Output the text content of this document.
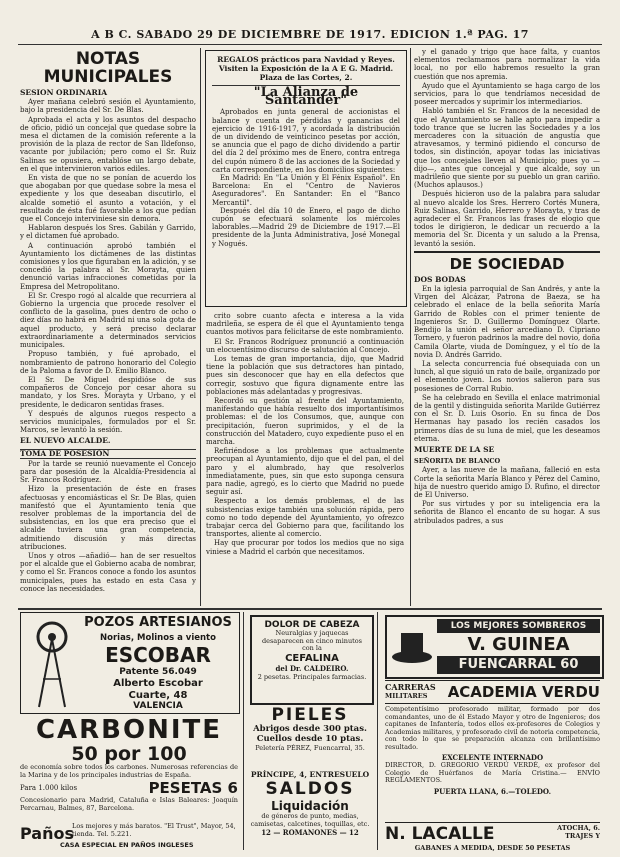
A B C. SABADO 29 DE DICIEMBRE DE 1917. EDICION 1.ª PAG. 17
NOTAS MUNICIPALES
SESION ORDINARIA

Ayer mañana celebró sesión el Ayuntamiento, bajo la presidencia del Sr. De Blas.

Aprobada el acta y los asuntos del despacho de oficio, pidió un concejal que quedase sobre la mesa el dictamen de la comisión referente a la provisión de la plaza de rector de San Ildefonso, vacante por jubilación; pero como el Sr. Ruiz Salinas se opusiera, entablóse un largo debate, en el que intervinieron varios ediles.

En vista de que no se ponían de acuerdo los que abogaban por que quedase sobre la mesa el expediente y los que deseaban discutirlo, el alcalde sometió el asunto a votación, y el resultado de ésta fué favorable a los que pedían que el Concejo interviniese sin demora.

Hablaron después los Sres. Gabilán y Garrido, y el dictamen fué aprobado.

A continuación aprobó también el Ayuntamiento los dictámenes de las distintas comisiones y los que figuraban en la adición, y se concedió la palabra al Sr. Morayta, quien denunció varias infracciones cometidas por la Empresa del Metropolitano.

El Sr. Crespo rogó al alcalde que recurriera al Gobierno la urgencia que procede resolver el conflicto de la gasolina, pues dentro de ocho o diez días no habrá en Madrid ni una sola gota de aquel producto, y será preciso declarar extraordinariamente a determinados servicios municipales.

Propuso también, y fué aprobado, el nombramiento de patrono honorario del Colegio de la Paloma a favor de D. Emilio Blanco.

El Sr. De Miguel despidióse de sus compañeros de Concejo por cesar ahora su mandato, y los Sres. Morayta y Urbano, y el presidente, le dedicaron sentidas frases.

Y después de algunos ruegos respecto a servicios municipales, formulados por el Sr. Marcos, se levantó la sesión.

EL NUEVO ALCALDE.
TOMA DE POSESIÓN

Por la tarde se reunió nuevamente el Concejo para dar posesión de la Alcaldía-Presidencia al Sr. Francos Rodríguez.

Hizo la presentación de éste en frases afectuosas y encomiásticas el Sr. De Blas, quien manifestó que el Ayuntamiento tenía que resolver problemas de la importancia del de subsistencias, en los que era preciso que el alcalde tuviera una gran competencia, admitiendo discusión y más directas atribuciones.

Unos y otros —añadió— han de ser resueltos por el alcalde que el Gobierno acaba de nombrar, y como el Sr. Francos conoce a fondo los asuntos municipales, pues ha estado en esta Casa y conoce las necesidades.

REGALOS prácticos para Navidad y Reyes. Visiten la Exposición de la A E G. Madrid. Plaza de las Cortes, 2.
"La Alianza de Santander"
Aprobados en junta general de accionistas el balance y cuenta de pérdidas y ganancias del ejercicio de 1916-1917, y acordada la distribución de un dividendo de veinticinco pesetas por acción, se anuncia que el pago de dicho dividendo a partir del día 2 del próximo mes de Enero, contra entrega del cupón número 8 de las acciones de la Sociedad y carta correspondiente, en los domicilios siguientes:
En Madrid: En "La Unión y El Fénix Español". En Barcelona: En el "Centro de Navieros Aseguradores". En Santander: En el "Banco Mercantil".
Después del día 10 de Enero, el pago de dicho cupón se efectuará solamente los miércoles laborables.—Madrid 29 de Diciembre de 1917.—El presidente de la Junta Administrativa, José Monegal y Nogués.

crito sobre cuanto afecta e interesa a la vida madrileña, se espera de él que el Ayuntamiento tenga cuantos motivos para felicitarse de este nombramiento.

El Sr. Francos Rodríguez pronunció a continuación un elocuentísimo discurso de salutación al Concejo.

Los temas de gran importancia, dijo, que Madrid tiene la población que sus detractores han pintado, pues sin desconocer que hay en ella defectos que corregir, sostuvo que figura dignamente entre las poblaciones más adelantadas y progresivas.

Recordó su gestión al frente del Ayuntamiento, manifestando que había resuelto dos importantísimos problemas: el de los Consumos, que, aunque con precipitación, fueron suprimidos, y el de la construcción del Matadero, cuyo expediente puso el en marcha.

Refiriéndose a los problemas que actualmente preocupan al Ayuntamiento, dijo que el del pan, el del paro y el alumbrado, hay que resolverlos inmediatamente, pues, sin que esto suponga censura para nadie, agregó, es lo cierto que Madrid no puede seguir así.

Respecto a los demás problemas, el de las subsistencias exige también una solución rápida, pero como no todo depende del Ayuntamiento, yo ofrezco trabajar cerca del Gobierno para que, facilitando los transportes, aliente al comercio.

Hay que procurar por todos los medios que no siga viniese a Madrid el carbón que necesitamos.

y el ganado y trigo que hace falta, y cuantos elementos reclamamos para normalizar la vida local, no por ello habremos resuelto la gran cuestión que nos apremia.

Ayudo que el Ayuntamiento se haga cargo de los servicios, para lo que tendríamos necesidad de poseer mercados y suprimir los intermediarios.

Habló también el Sr. Francos de la necesidad de que el Ayuntamiento se halle apto para impedir a todo trance que se lucren las Sociedades y a los mercaderes con la situación de angustia que atravesamos, y terminó pidiendo el concurso de todos, sin distinción, apoyar todas las iniciativas que los concejales lleven al Municipio; pues yo —dijo—, antes que concejal y que alcalde, soy un madrileño que siente por su pueblo un gran cariño. (Muchos aplausos.)

Después hicieron uso de la palabra para saludar al nuevo alcalde los Sres. Herrero Cortés Munera, Ruiz Salinas, Garrido, Herrero y Morayta, y tras de agradecer el Sr. Francos las frases de elogio que todos le dirigieron, le dedicar un recuerdo a la memoria del Sr. Dicenta y un saludo a la Prensa, levantó la sesión.

DE SOCIEDAD
DOS BODAS

En la iglesia parroquial de San Andrés, y ante la Virgen del Alcázar, Patrona de Baeza, se ha celebrado el enlace de la bella señorita María Garrido de Robles con el primer teniente de Ingenieros Sr. D. Guillermo Domínguez Olarte. Bendijo la unión el señor arcediano D. Cipriano Tornero, y fueron padrinos la madre del novio, doña Camila Olarte, viuda de Domínguez, y el tío de la novia D. Andrés Garrido.

La selecta concurrencia fué obsequiada con un lunch, al que siguió un rato de baile, organizado por el elemento joven. Los novios salieron para sus posesiones de Corral Rubio.

Se ha celebrado en Sevilla el enlace matrimonial de la gentil y distinguida señorita Marilde Gutiérrez con el Sr. D. Luis Osorio. En su finca de Dos Hermanas hay pasado los recién casados los primeros días de su luna de miel, que les deseamos eterna.

MUERTE DE LA SE
SEÑORITA DE BLANCO

Ayer, a las nueve de la mañana, falleció en esta Corte la señorita María Blanco y Pérez del Camino, hija de nuestro querido amigo D. Rufino, el director de El Universo.

Por sus virtudes y por su inteligencia era la señorita de Blanco el encanto de su hogar. A sus atribulados padres, a sus

POZOS ARTESIANOS
Norias, Molinos a viento
ESCOBAR
Patente 56.049
Alberto Escobar
Cuarte, 48
VALENCIA
CARBONITE
50 por 100
de economía sobre todos los carbones. Numerosas referencias de la Marina y de los principales industrias de España.
Para 1.000 kilos	PESETAS 6
Concesionario para Madrid, Cataluña e Islas Baleares: Joaquín Percarnau, Balmes, 87, Barcelona.
Paños
Los mejores y más baratos. "El Trust", Mayor, 54, tienda. Tel. 5.221.
CASA ESPECIAL EN PAÑOS INGLESES
DOLOR DE CABEZA
Neuralgias y jaquecas desaparecen en cinco minutos con la
CEFALINA
del Dr. CALDEIRO.
2 pesetas. Principales farmacias.
PIELES
Abrigos desde 300 ptas. Cuellos desde 10 ptas.
Peletería PÉREZ, Fuencarral, 35.
PRÍNCIPE, 4, ENTRESUELO
SALDOS
Liquidación
de géneros de punto, medias, camisetas, calcetines, toquillas, etc.
12 — ROMANONES — 12
LOS MEJORES SOMBREROS
V. GUINEA
FUENCARRAL 60
CARRERAS
MILITARES ACADEMIA VERDU
Competentísimo profesorado militar, formado por dos comandantes, uno de él Estado Mayor y otro de Ingenieros; dos capitanes de Infantería, todos ellos ex-profesores de Colegios y Academias militares, y profesorado civil de notoria competencia, con todo lo que se preparación alcanza con brillantísimo resultado.
EXCELENTE INTERNADO
DIRECTOR, D. GREGORIO VERDÚ VERDÉ, ex profesor del Colegio de Huérfanos de María Cristina.— ENVÍO REGLAMENTOS.
PUERTA LLANA, 6.—TOLEDO.
N. LACALLE	ATOCHA, 6.
TRAJES Y
GABANES A MEDIDA, DESDE 50 PESETAS
